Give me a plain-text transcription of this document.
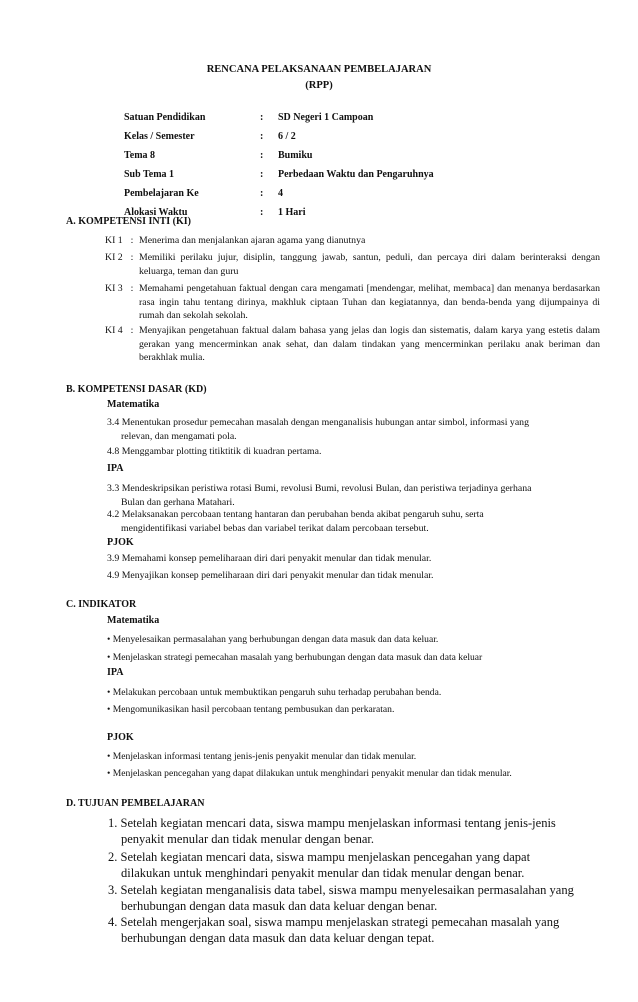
RENCANA PELAKSANAAN PEMBELAJARAN
(RPP)
Satuan Pendidikan	:	SD Negeri 1 Campoan
Kelas / Semester	:	6 / 2
Tema 8	:	Bumiku
Sub Tema 1	:	Perbedaan Waktu dan Pengaruhnya
Pembelajaran Ke	:	4
Alokasi Waktu	:	1 Hari
A. KOMPETENSI INTI (KI)
KI 1 : Menerima dan menjalankan ajaran agama yang dianutnya
KI 2 : Memiliki perilaku jujur, disiplin, tanggung jawab, santun, peduli, dan percaya diri dalam berinteraksi dengan keluarga, teman dan guru
KI 3 : Memahami pengetahuan faktual dengan cara mengamati [mendengar, melihat, membaca] dan menanya berdasarkan rasa ingin tahu tentang dirinya, makhluk ciptaan Tuhan dan kegiatannya, dan benda-benda yang dijumpainya di rumah dan sekolah sekolah.
KI 4 : Menyajikan pengetahuan faktual dalam bahasa yang jelas dan logis dan sistematis, dalam karya yang estetis dalam gerakan yang mencerminkan anak sehat, dan dalam tindakan yang mencerminkan perilaku anak beriman dan berakhlak mulia.
B. KOMPETENSI DASAR (KD)
Matematika
3.4 Menentukan prosedur pemecahan masalah dengan menganalisis hubungan antar simbol, informasi yang
relevan, dan mengamati pola.
4.8 Menggambar plotting titiktitik di kuadran pertama.
IPA
3.3 Mendeskripsikan peristiwa rotasi Bumi, revolusi Bumi, revolusi Bulan, dan peristiwa terjadinya gerhana
Bulan dan gerhana Matahari.
4.2 Melaksanakan percobaan tentang hantaran dan perubahan benda akibat pengaruh suhu, serta
mengidentifikasi variabel bebas dan variabel terikat dalam percobaan tersebut.
PJOK
3.9 Memahami konsep pemeliharaan diri dari penyakit menular dan tidak menular.
4.9 Menyajikan konsep pemeliharaan diri dari penyakit menular dan tidak menular.
C. INDIKATOR
Matematika
• Menyelesaikan permasalahan yang berhubungan dengan data masuk dan data keluar.
• Menjelaskan strategi pemecahan masalah yang berhubungan dengan data masuk dan data keluar
IPA
• Melakukan percobaan untuk membuktikan pengaruh suhu terhadap perubahan benda.
• Mengomunikasikan hasil percobaan tentang pembusukan dan perkaratan.
PJOK
• Menjelaskan informasi tentang jenis-jenis penyakit menular dan tidak menular.
• Menjelaskan pencegahan yang dapat dilakukan untuk menghindari penyakit menular dan tidak menular.
D. TUJUAN PEMBELAJARAN
1. Setelah kegiatan mencari data, siswa mampu menjelaskan informasi tentang jenis-jenis
penyakit menular dan tidak menular dengan benar.
2. Setelah kegiatan mencari data, siswa mampu menjelaskan pencegahan yang dapat
dilakukan untuk menghindari penyakit menular dan tidak menular dengan benar.
3. Setelah kegiatan menganalisis data tabel, siswa mampu menyelesaikan permasalahan yang
berhubungan dengan data masuk dan data keluar dengan benar.
4. Setelah mengerjakan soal, siswa mampu menjelaskan strategi pemecahan masalah yang
berhubungan dengan data masuk dan data keluar dengan tepat.
